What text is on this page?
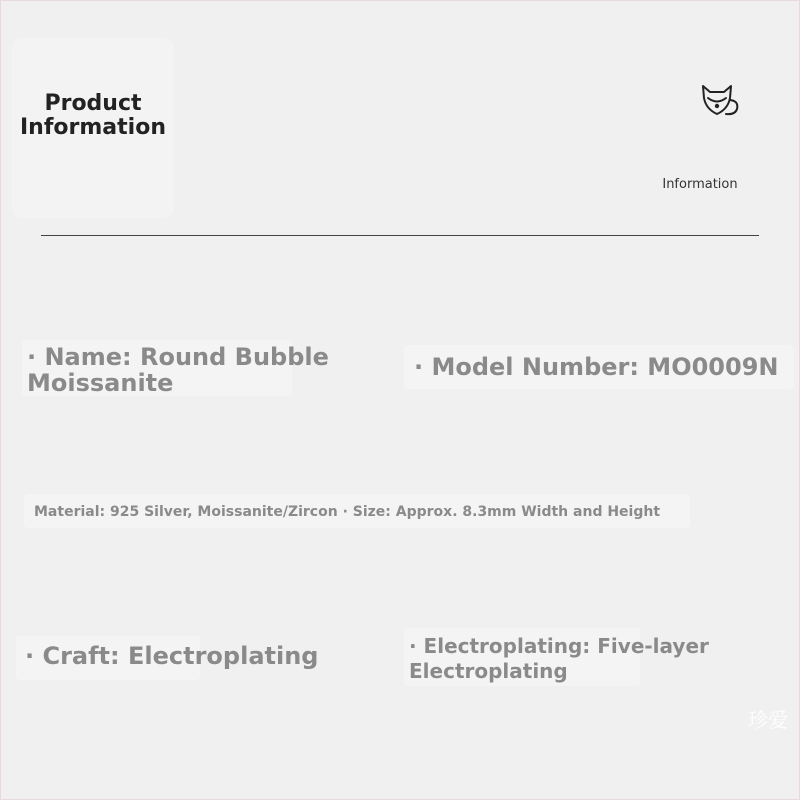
Product Information
Information
· Name: Round Bubble Moissanite
· Model Number: MO0009N
Material: 925 Silver, Moissanite/Zircon · Size: Approx. 8.3mm Width and Height
· Craft: Electroplating	· Electroplating: Five-layer Electroplating
珍爱
